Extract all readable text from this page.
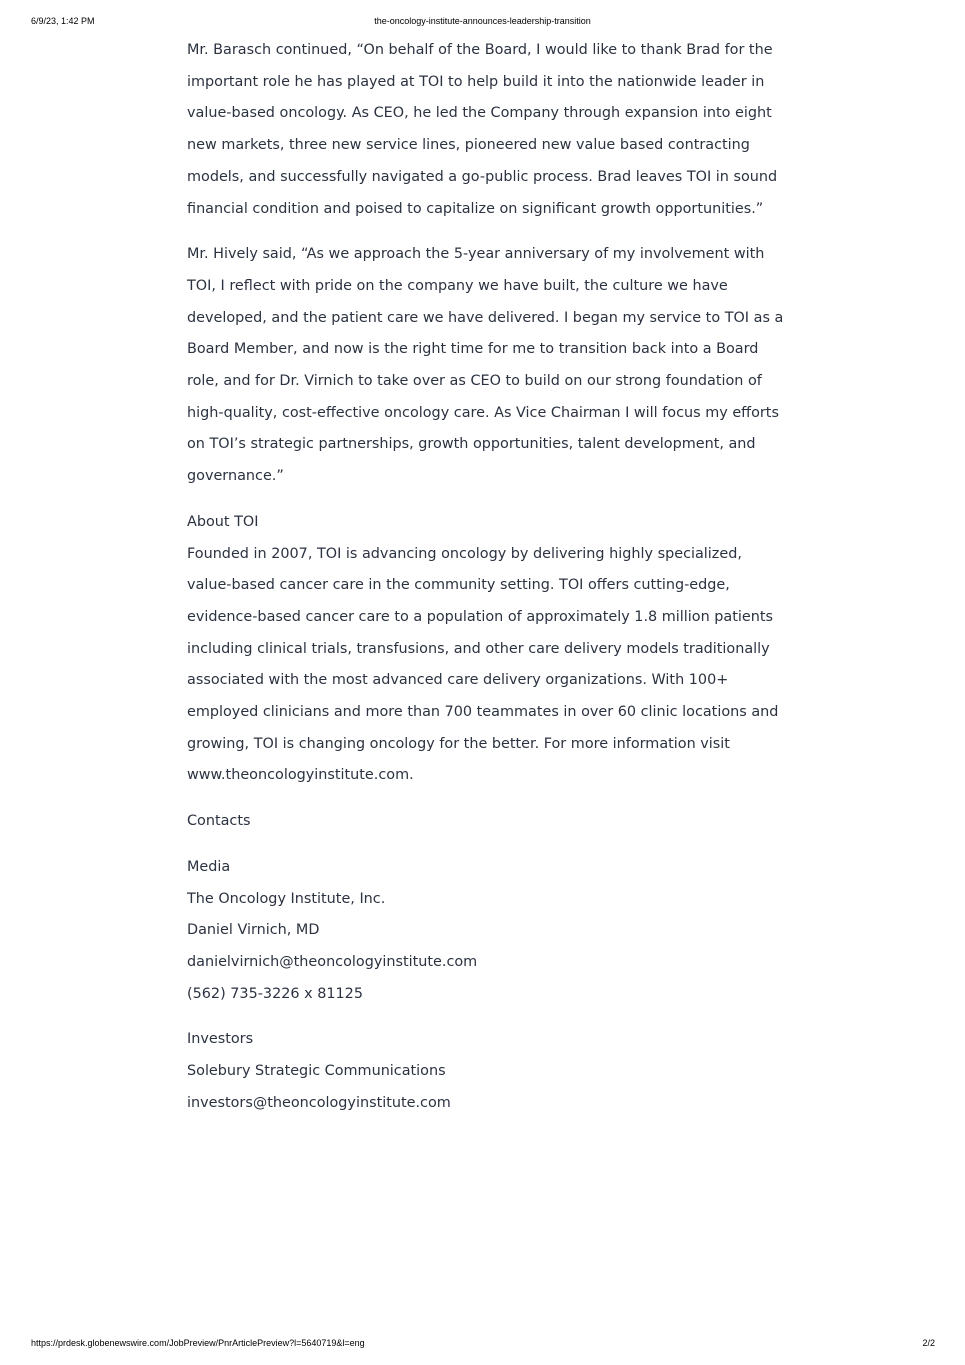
6/9/23, 1:42 PM	the-oncology-institute-announces-leadership-transition

Mr. Barasch continued, “On behalf of the Board, I would like to thank Brad for the important role he has played at TOI to help build it into the nationwide leader in value-based oncology. As CEO, he led the Company through expansion into eight new markets, three new service lines, pioneered new value based contracting models, and successfully navigated a go-public process. Brad leaves TOI in sound financial condition and poised to capitalize on significant growth opportunities.”

Mr. Hively said, “As we approach the 5-year anniversary of my involvement with TOI, I reflect with pride on the company we have built, the culture we have developed, and the patient care we have delivered. I began my service to TOI as a Board Member, and now is the right time for me to transition back into a Board role, and for Dr. Virnich to take over as CEO to build on our strong foundation of high-quality, cost-effective oncology care. As Vice Chairman I will focus my efforts on TOI’s strategic partnerships, growth opportunities, talent development, and governance.”

About TOI
Founded in 2007, TOI is advancing oncology by delivering highly specialized, value-based cancer care in the community setting. TOI offers cutting-edge, evidence-based cancer care to a population of approximately 1.8 million patients including clinical trials, transfusions, and other care delivery models traditionally associated with the most advanced care delivery organizations. With 100+ employed clinicians and more than 700 teammates in over 60 clinic locations and growing, TOI is changing oncology for the better. For more information visit www.theoncologyinstitute.com.

Contacts

Media
The Oncology Institute, Inc.
Daniel Virnich, MD
danielvirnich@theoncologyinstitute.com
(562) 735-3226 x 81125
Investors
Solebury Strategic Communications
investors@theoncologyinstitute.com
https://prdesk.globenewswire.com/JobPreview/PnrArticlePreview?l=5640719&l=eng	2/2
